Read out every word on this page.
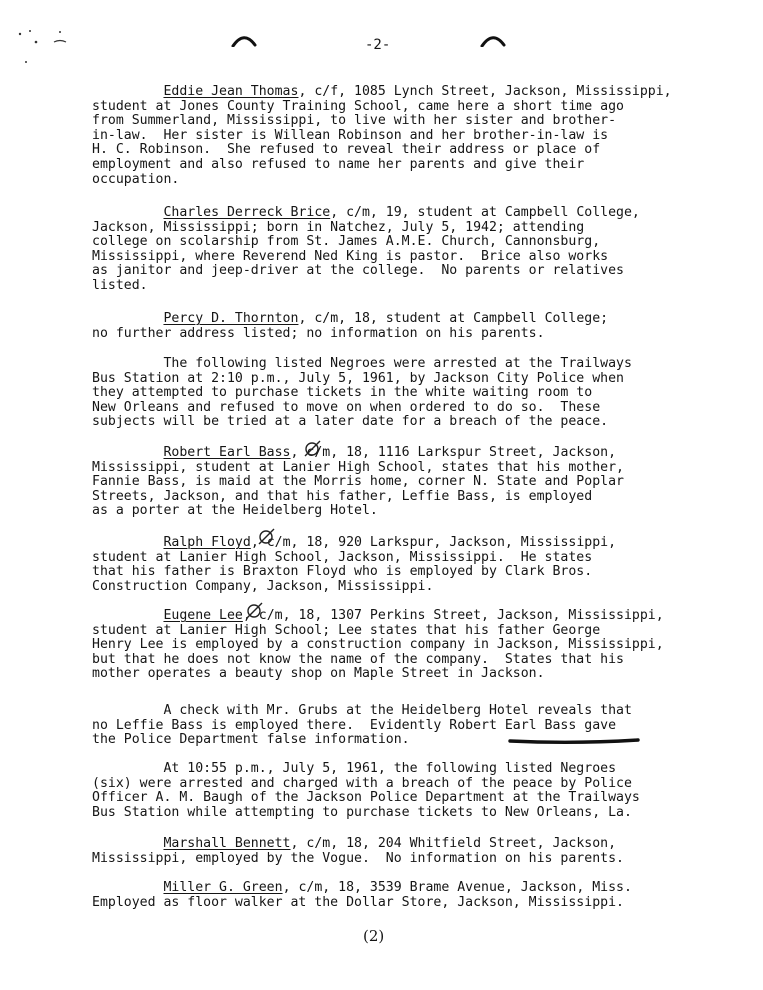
-2-
Eddie Jean Thomas, c/f, 1085 Lynch Street, Jackson, Mississippi,
student at Jones County Training School, came here a short time ago
from Summerland, Mississippi, to live with her sister and brother-
in-law.  Her sister is Willean Robinson and her brother-in-law is
H. C. Robinson.  She refused to reveal their address or place of
employment and also refused to name her parents and give their
occupation.
Charles Derreck Brice, c/m, 19, student at Campbell College,
Jackson, Mississippi; born in Natchez, July 5, 1942; attending
college on scolarship from St. James A.M.E. Church, Cannonsburg,
Mississippi, where Reverend Ned King is pastor.  Brice also works
as janitor and jeep-driver at the college.  No parents or relatives
listed.
Percy D. Thornton, c/m, 18, student at Campbell College;
no further address listed; no information on his parents.
The following listed Negroes were arrested at the Trailways
Bus Station at 2:10 p.m., July 5, 1961, by Jackson City Police when
they attempted to purchase tickets in the white waiting room to
New Orleans and refused to move on when ordered to do so.  These
subjects will be tried at a later date for a breach of the peace.
Robert Earl Bass, c/m, 18, 1116 Larkspur Street, Jackson,
Mississippi, student at Lanier High School, states that his mother,
Fannie Bass, is maid at the Morris home, corner N. State and Poplar
Streets, Jackson, and that his father, Leffie Bass, is employed
as a porter at the Heidelberg Hotel.
Ralph Floyd, c/m, 18, 920 Larkspur, Jackson, Mississippi,
student at Lanier High School, Jackson, Mississippi.  He states
that his father is Braxton Floyd who is employed by Clark Bros.
Construction Company, Jackson, Mississippi.
Eugene Lee, c/m, 18, 1307 Perkins Street, Jackson, Mississippi,
student at Lanier High School; Lee states that his father George
Henry Lee is employed by a construction company in Jackson, Mississippi,
but that he does not know the name of the company.  States that his
mother operates a beauty shop on Maple Street in Jackson.
A check with Mr. Grubs at the Heidelberg Hotel reveals that
no Leffie Bass is employed there.  Evidently Robert Earl Bass gave
the Police Department false information.
At 10:55 p.m., July 5, 1961, the following listed Negroes
(six) were arrested and charged with a breach of the peace by Police
Officer A. M. Baugh of the Jackson Police Department at the Trailways
Bus Station while attempting to purchase tickets to New Orleans, La.
Marshall Bennett, c/m, 18, 204 Whitfield Street, Jackson,
Mississippi, employed by the Vogue.  No information on his parents.
Miller G. Green, c/m, 18, 3539 Brame Avenue, Jackson, Miss.
Employed as floor walker at the Dollar Store, Jackson, Mississippi.
(2)
